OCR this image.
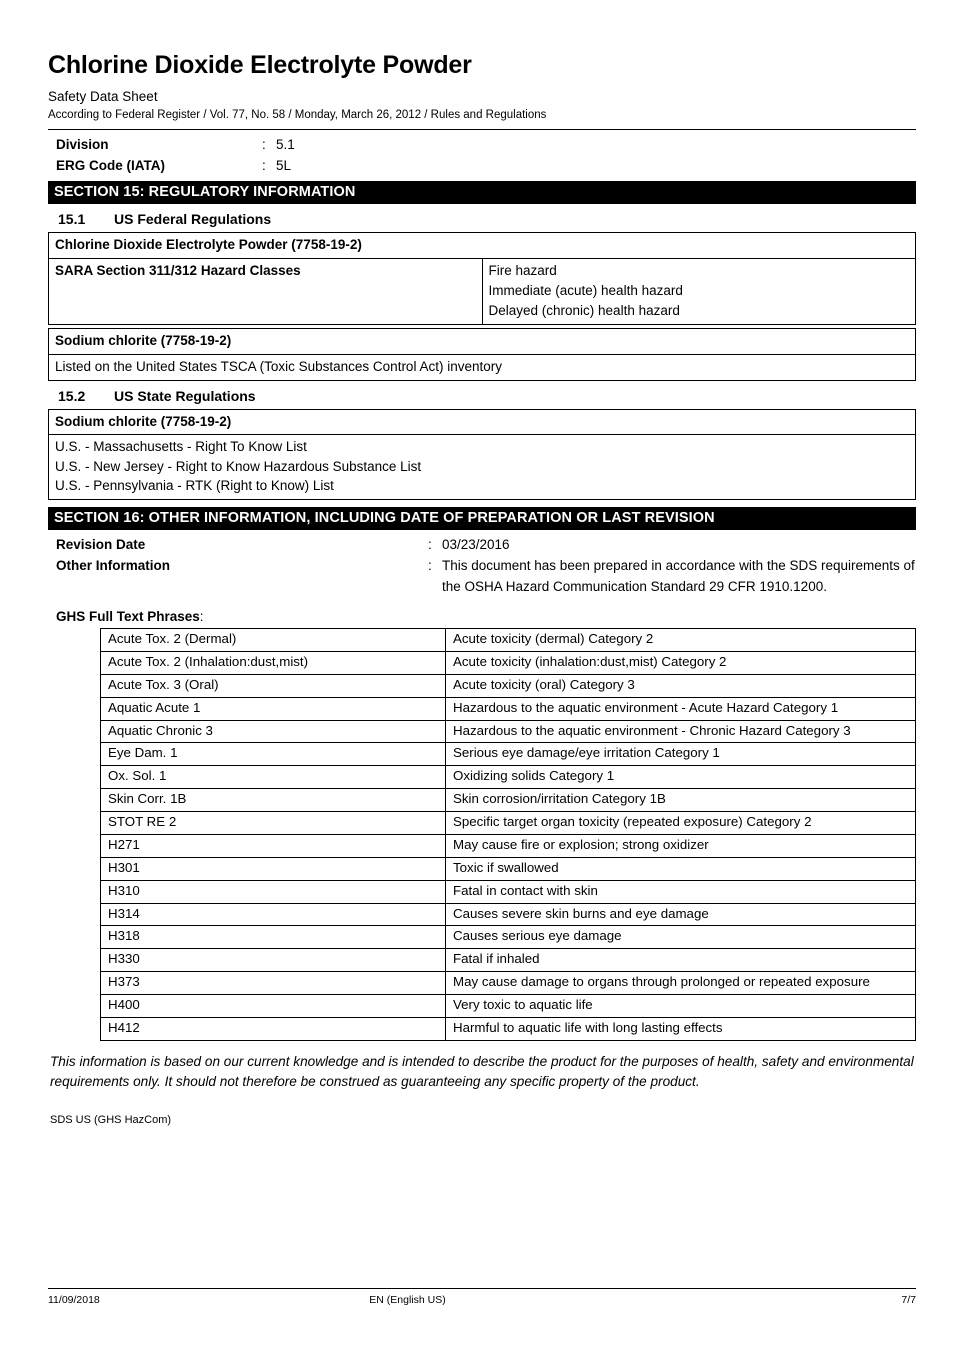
Chlorine Dioxide Electrolyte Powder
Safety Data Sheet
According to Federal Register / Vol. 77, No. 58 / Monday, March 26, 2012 / Rules and Regulations
Division	: 5.1
ERG Code (IATA)	: 5L
SECTION 15: REGULATORY INFORMATION
15.1	US Federal Regulations
Chlorine Dioxide Electrolyte Powder (7758-19-2)
SARA Section 311/312 Hazard Classes	Fire hazard
Immediate (acute) health hazard
Delayed (chronic) health hazard
Sodium chlorite (7758-19-2)
Listed on the United States TSCA (Toxic Substances Control Act) inventory
15.2	US State Regulations
Sodium chlorite (7758-19-2)

U.S. - Massachusetts - Right To Know List
U.S. - New Jersey - Right to Know Hazardous Substance List
U.S. - Pennsylvania - RTK (Right to Know) List
SECTION 16: OTHER INFORMATION, INCLUDING DATE OF PREPARATION OR LAST REVISION
Revision Date	: 03/23/2016
Other Information	: This document has been prepared in accordance with the SDS requirements of the OSHA Hazard Communication Standard 29 CFR 1910.1200.
GHS Full Text Phrases:
Acute Tox. 2 (Dermal)	Acute toxicity (dermal) Category 2
Acute Tox. 2 (Inhalation:dust,mist)	Acute toxicity (inhalation:dust,mist) Category 2
Acute Tox. 3 (Oral)	Acute toxicity (oral) Category 3
Aquatic Acute 1	Hazardous to the aquatic environment - Acute Hazard Category 1
Aquatic Chronic 3	Hazardous to the aquatic environment - Chronic Hazard Category 3
Eye Dam. 1	Serious eye damage/eye irritation Category 1
Ox. Sol. 1	Oxidizing solids Category 1
Skin Corr. 1B	Skin corrosion/irritation Category 1B
STOT RE 2	Specific target organ toxicity (repeated exposure) Category 2
H271	May cause fire or explosion; strong oxidizer
H301	Toxic if swallowed
H310	Fatal in contact with skin
H314	Causes severe skin burns and eye damage
H318	Causes serious eye damage
H330	Fatal if inhaled
H373	May cause damage to organs through prolonged or repeated exposure
H400	Very toxic to aquatic life
H412	Harmful to aquatic life with long lasting effects
This information is based on our current knowledge and is intended to describe the product for the purposes of health, safety and environmental requirements only. It should not therefore be construed as guaranteeing any specific property of the product.
SDS US (GHS HazCom)
11/09/2018	EN (English US)	7/7
